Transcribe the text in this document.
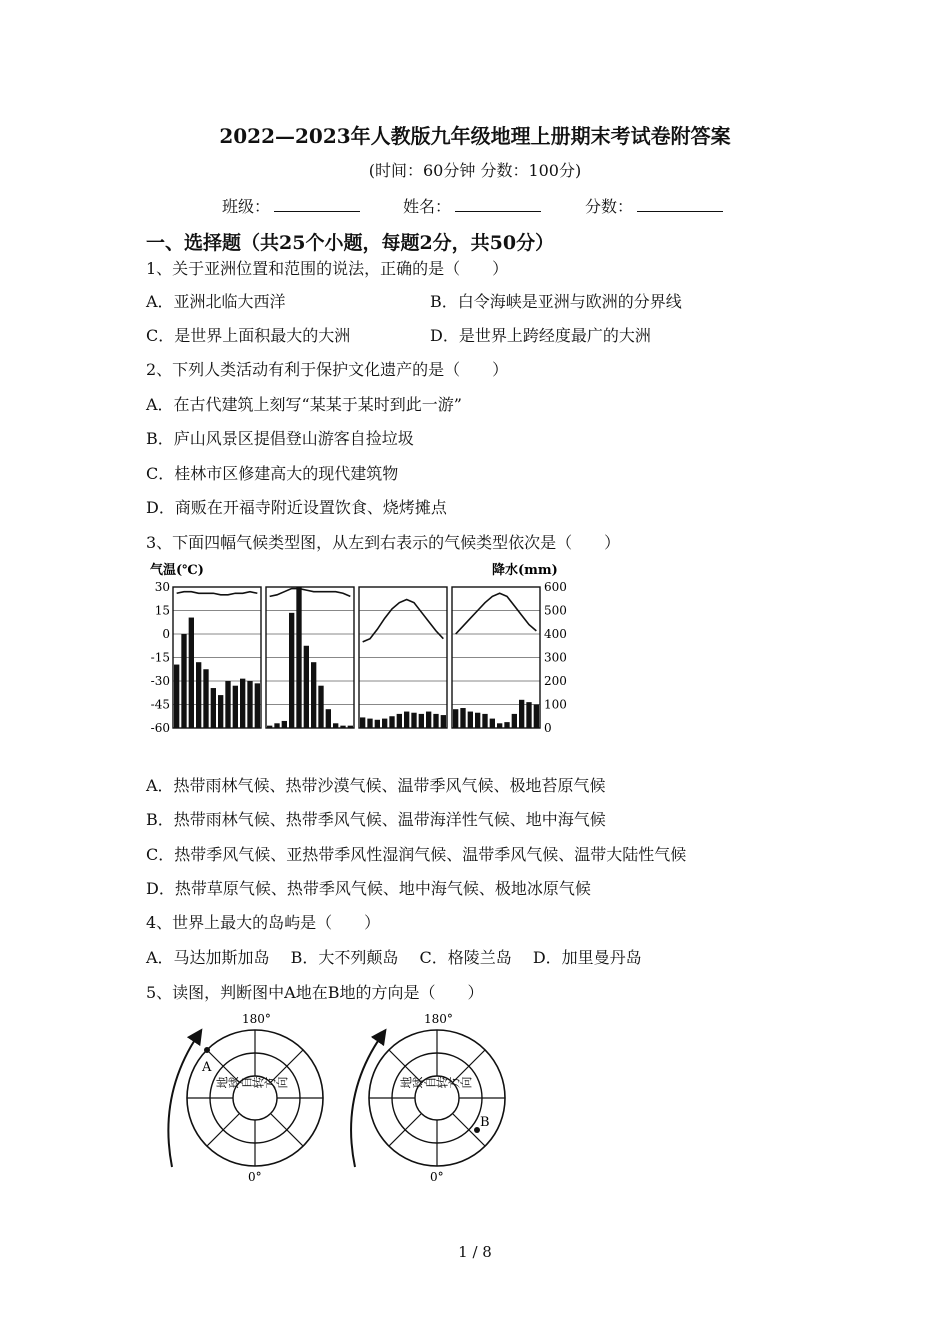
2022—2023年人教版九年级地理上册期末考试卷附答案
(时间：60分钟 分数：100分)
班级：	姓名：	分数：
一、选择题（共25个小题，每题2分，共50分）
1、关于亚洲位置和范围的说法，正确的是（　　）
A．亚洲北临大西洋	B．白令海峡是亚洲与欧洲的分界线
C．是世界上面积最大的大洲	D．是世界上跨经度最广的大洲
2、下列人类活动有利于保护文化遗产的是（　　）
A．在古代建筑上刻写“某某于某时到此一游”
B．庐山风景区提倡登山游客自捡垃圾
C．桂林市区修建高大的现代建筑物
D．商贩在开福寺附近设置饮食、烧烤摊点
3、下面四幅气候类型图，从左到右表示的气候类型依次是（　　）
气温(℃)	降水(mm)
30
15
0
-15
-30
-45
-60
600
500
400
300
200
100
0
A．热带雨林气候、热带沙漠气候、温带季风气候、极地苔原气候
B．热带雨林气候、热带季风气候、温带海洋性气候、地中海气候
C．热带季风气候、亚热带季风性湿润气候、温带季风气候、温带大陆性气候
D．热带草原气候、热带季风气候、地中海气候、极地冰原气候
4、世界上最大的岛屿是（　　）
A．马达加斯加岛　 B．大不列颠岛　 C．格陵兰岛　 D．加里曼丹岛
5、读图，判断图中A地在B地的方向是（　　）
地球自转方向
A
180°
0°
地球自转方向
B
180°
0°
1 / 8
